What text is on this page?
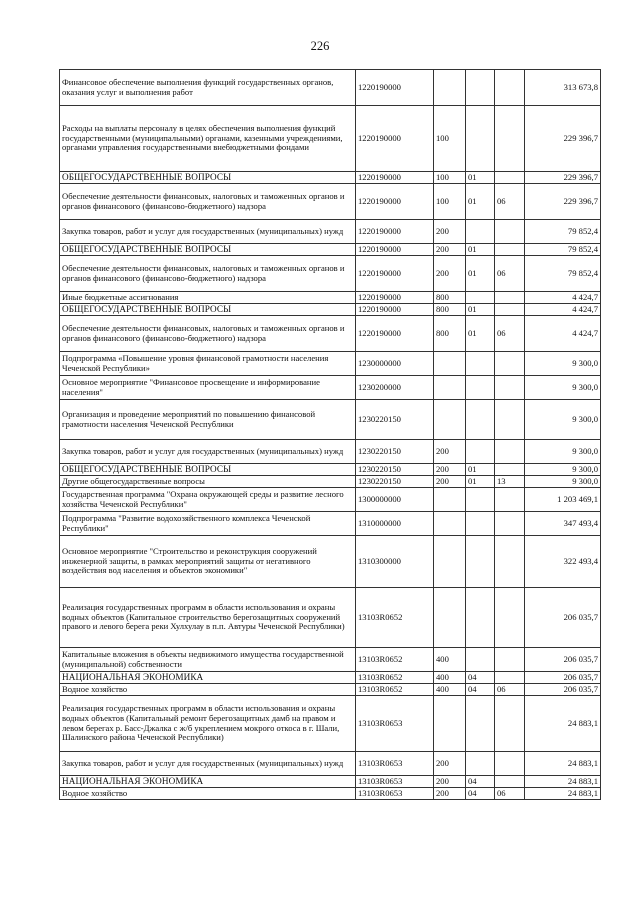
226
Финансовое обеспечение выполнения функций государственных органов, оказания услуг и выполнения работ	1220190000				313 673,8
Расходы на выплаты персоналу в целях обеспечения выполнения функций государственными (муниципальными) органами, казенными учреждениями, органами управления государственными внебюджетными фондами	1220190000	100			229 396,7
ОБЩЕГОСУДАРСТВЕННЫЕ ВОПРОСЫ	1220190000	100	01		229 396,7
Обеспечение деятельности финансовых, налоговых и таможенных органов и органов финансового (финансово-бюджетного) надзора	1220190000	100	01	06	229 396,7
Закупка товаров, работ и услуг для государственных (муниципальных) нужд	1220190000	200			79 852,4
ОБЩЕГОСУДАРСТВЕННЫЕ ВОПРОСЫ	1220190000	200	01		79 852,4
Обеспечение деятельности финансовых, налоговых и таможенных органов и органов финансового (финансово-бюджетного) надзора	1220190000	200	01	06	79 852,4
Иные бюджетные ассигнования	1220190000	800			4 424,7
ОБЩЕГОСУДАРСТВЕННЫЕ ВОПРОСЫ	1220190000	800	01		4 424,7
Обеспечение деятельности финансовых, налоговых и таможенных органов и органов финансового (финансово-бюджетного) надзора	1220190000	800	01	06	4 424,7
Подпрограмма «Повышение уровня финансовой грамотности населения Чеченской Республики»	1230000000				9 300,0
Основное мероприятие "Финансовое просвещение и информирование населения"	1230200000				9 300,0
Организация и проведение мероприятий по повышению финансовой грамотности населения Чеченской Республики	1230220150				9 300,0
Закупка товаров, работ и услуг для государственных (муниципальных) нужд	1230220150	200			9 300,0
ОБЩЕГОСУДАРСТВЕННЫЕ ВОПРОСЫ	1230220150	200	01		9 300,0
Другие общегосударственные вопросы	1230220150	200	01	13	9 300,0
Государственная программа "Охрана окружающей среды и развитие лесного хозяйства Чеченской Республики"	1300000000				1 203 469,1
Подпрограмма "Развитие водохозяйственного комплекса Чеченской Республики"	1310000000				347 493,4
Основное мероприятие "Строительство и реконструкция сооружений инженерной защиты, в рамках мероприятий защиты от негативного воздействия вод населения и объектов экономики"	1310300000				322 493,4
Реализация государственных программ в области использования и охраны водных объектов (Капитальное строительство берегозащитных сооружений правого и левого берега реки Хулхулау в п.п. Автуры Чеченской Республики)	13103R0652				206 035,7
Капитальные вложения в объекты недвижимого имущества государственной (муниципальной) собственности	13103R0652	400			206 035,7
НАЦИОНАЛЬНАЯ ЭКОНОМИКА	13103R0652	400	04		206 035,7
Водное хозяйство	13103R0652	400	04	06	206 035,7
Реализация государственных программ в области использования и охраны водных объектов (Капитальный ремонт берегозащитных дамб на правом и левом берегах р. Басс-Джалка с ж/б укреплением мокрого откоса в г. Шали, Шалинского района Чеченской Республики)	13103R0653				24 883,1
Закупка товаров, работ и услуг для государственных (муниципальных) нужд	13103R0653	200			24 883,1
НАЦИОНАЛЬНАЯ ЭКОНОМИКА	13103R0653	200	04		24 883,1
Водное хозяйство	13103R0653	200	04	06	24 883,1
